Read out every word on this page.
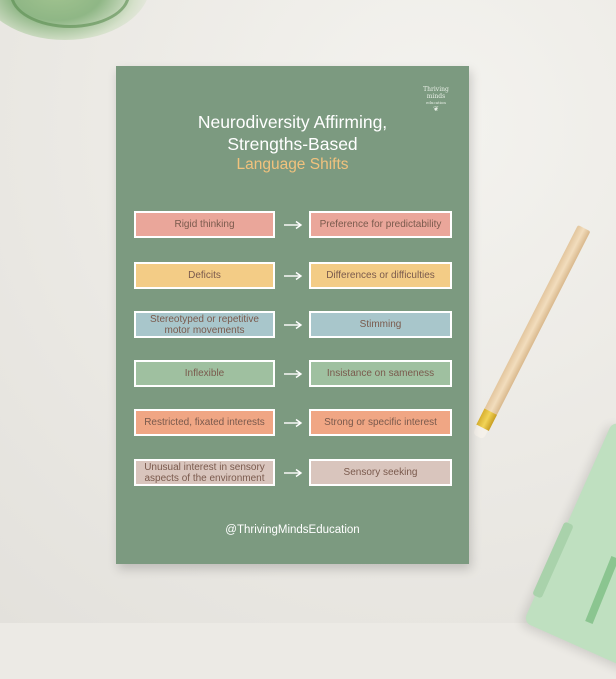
Thriving
minds
education
❦
Neurodiversity Affirming,
Strengths-Based
Language Shifts
Rigid thinking	Preference for predictability
Deficits	Differences or difficulties
Stereotyped or repetitive motor movements	Stimming
Inflexible	Insistance on sameness
Restricted, fixated interests	Strong or specific interest
Unusual interest in sensory aspects of the environment	Sensory seeking
@ThrivingMindsEducation
